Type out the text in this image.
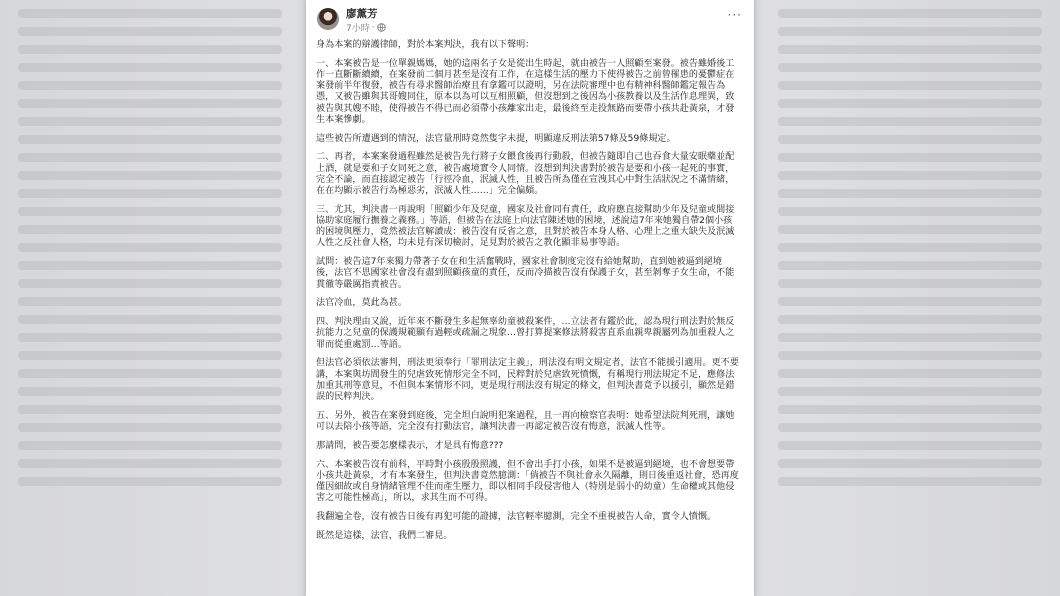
廖薰芳
7小時 ·
···

身為本案的辯護律師，對於本案判決，我有以下聲明：

一、本案被告是一位單親媽媽，她的這兩名子女是從出生時起，就由被告一人照顧至案發。被告雖婚後工作一直斷斷續續，在案發前二個月甚至是沒有工作，在這樣生活的壓力下使得被告之前曾罹患的憂鬱症在案發前半年復發，被告有尋求醫師治療且有拿鑑可以證明，另在法院審理中也有精神科醫師鑑定報告為憑，又被告雖與其哥嫂同住，原本以為可以互相照顧，但沒想到之後因為小孩教養以及生活作息理異，致被告與其嫂不睦，使得被告不得已而必須帶小孩離家出走，最後終至走投無路而要帶小孩共赴黃泉，才發生本案慘劇。

這些被告所遭遇到的情況，法官量刑時竟然隻字未提，明顯違反刑法第57條及59條規定。

二、再者，本案案發過程雖然是被告先行將子女餵食後再行動殺，但被告隨即自己也吞食大量安眠藥並配上酒，就是要和子女同死之意，被告處境實令人同情。沒想到判決書對於被告是要和小孩一起死的事實，完全不論，而直接認定被告「行徑冷血，泯滅人性，且被告所為僅在宣洩其心中對生活狀況之不滿情緒，在在均顯示被告行為極惡劣，泯滅人性……」完全偏頗。

三、尤其，判決書一再說明「照顧少年及兒童，國家及社會同有責任，政府應直接幫助少年及兒童或間接協助家庭履行撫養之義務。」等語，但被告在法庭上向法官陳述她的困境，述說這7年來她獨自帶2個小孩的困境與壓力，竟然被法官解讀成：被告沒有反省之意，且對於被告本身人格、心理上之重大缺失及泯滅人性之反社會人格，均未見有深切檢討，足見對於被告之教化顯非易事等語。

試問：被告這7年來獨力帶著子女在和生活奮戰時，國家社會制度完沒有給她幫助，直到她被逼到絕境後，法官不思國家社會沒有盡到照顧孩童的責任，反而冷描被告沒有保護子女，甚至剝奪子女生命，不能貫徹等嚴厲指責被告。

法官冷血，莫此為甚。

四、判決理由又說，近年來不斷發生多起無辜幼童被殺案件，…立法者有鑑於此，認為現行刑法對於無反抗能力之兒童的保護規範顯有過輕或疏漏之現象…曾打算提案修法將殺害直系血親卑親屬列為加重殺人之罪而從重處罰…等語。

但法官必須依法審判，刑法更須奉行「罪刑法定主義」，刑法沒有明文規定者，法官不能援引適用。更不要講，本案與坊間發生的兒虐致死情形完全不同，民粹對於兒虐致死憤慨，有稱現行刑法規定不足，應修法加重其刑等意見，不但與本案情形不同，更是現行刑法沒有規定的條文，但判決書竟予以援引，顯然是錯誤的民粹判決。

五、另外，被告在案發到庭後，完全坦白說明犯案過程，且一再向檢察官表明：她希望法院判死刑，讓她可以去陪小孩等語，完全沒有打動法官，讓判決書一再認定被告沒有悔意，泯滅人性等。

那請問，被告要怎麼樣表示，才是具有悔意???

六、本案被告沒有前科，平時對小孩殷殷照護，但不會出手打小孩，如果不是被逼到絕境，也不會想要帶小孩共赴黃泉，才有本案發生，但判決書竟然臆測：「倘被告不與社會永久隔離，則日後重返社會，恐再度僅因細故或自身情緒管理不佳而產生壓力，即以相同手段侵害他人（特別是弱小的幼童）生命權或其他侵害之可能性極高」，所以，求其生而不可得。

我翻遍全卷，沒有被告日後有再犯可能的證據，法官輕率臆測，完全不重視被告人命，實令人憤慨。

既然是這樣，法官，我們二審見。
